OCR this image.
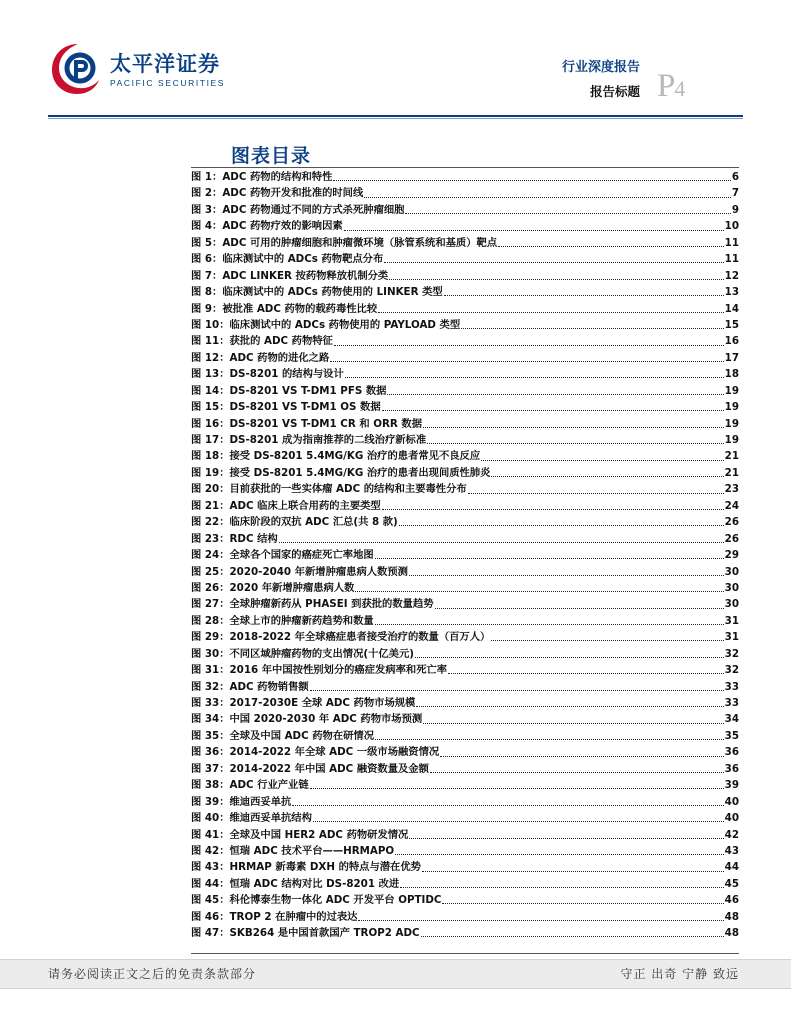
太平洋证券
PACIFIC SECURITIES
行业深度报告
报告标题 P4
图表目录
图 1：ADC 药物的结构和特性	6
图 2：ADC 药物开发和批准的时间线	7
图 3：ADC 药物通过不同的方式杀死肿瘤细胞	9
图 4：ADC 药物疗效的影响因素	10
图 5：ADC 可用的肿瘤细胞和肿瘤微环境（脉管系统和基质）靶点	11
图 6：临床测试中的 ADCs 药物靶点分布	11
图 7：ADC LINKER 按药物释放机制分类	12
图 8：临床测试中的 ADCs 药物使用的 LINKER 类型	13
图 9：被批准 ADC 药物的载药毒性比较	14
图 10：临床测试中的 ADCs 药物使用的 PAYLOAD 类型	15
图 11：获批的 ADC 药物特征	16
图 12：ADC 药物的进化之路	17
图 13：DS-8201 的结构与设计	18
图 14：DS-8201 VS T-DM1 PFS 数据	19
图 15：DS-8201 VS T-DM1 OS 数据	19
图 16：DS-8201 VS T-DM1 CR 和 ORR 数据	19
图 17：DS-8201 成为指南推荐的二线治疗新标准	19
图 18：接受 DS-8201 5.4MG/KG 治疗的患者常见不良反应	21
图 19：接受 DS-8201 5.4MG/KG 治疗的患者出现间质性肺炎	21
图 20：目前获批的一些实体瘤 ADC 的结构和主要毒性分布	23
图 21：ADC 临床上联合用药的主要类型	24
图 22：临床阶段的双抗 ADC 汇总(共 8 款)	26
图 23：RDC 结构	26
图 24：全球各个国家的癌症死亡率地图	29
图 25：2020-2040 年新增肿瘤患病人数预测	30
图 26：2020 年新增肿瘤患病人数	30
图 27：全球肿瘤新药从 PHASEI 到获批的数量趋势	30
图 28：全球上市的肿瘤新药趋势和数量	31
图 29：2018-2022 年全球癌症患者接受治疗的数量（百万人）	31
图 30：不同区域肿瘤药物的支出情况(十亿美元)	32
图 31：2016 年中国按性别划分的癌症发病率和死亡率	32
图 32：ADC 药物销售额	33
图 33：2017-2030E 全球 ADC 药物市场规模	33
图 34：中国 2020-2030 年 ADC 药物市场预测	34
图 35：全球及中国 ADC 药物在研情况	35
图 36：2014-2022 年全球 ADC 一级市场融资情况	36
图 37：2014-2022 年中国 ADC 融资数量及金额	36
图 38：ADC 行业产业链	39
图 39：维迪西妥单抗	40
图 40：维迪西妥单抗结构	40
图 41：全球及中国 HER2 ADC 药物研发情况	42
图 42：恒瑞 ADC 技术平台——HRMAPO	43
图 43：HRMAP 新毒素 DXH 的特点与潜在优势	44
图 44：恒瑞 ADC 结构对比 DS-8201 改进	45
图 45：科伦博泰生物一体化 ADC 开发平台 OPTIDC	46
图 46：TROP 2 在肿瘤中的过表达	48
图 47：SKB264 是中国首款国产 TROP2 ADC	48
请务必阅读正文之后的免责条款部分	守正 出奇 宁静 致远
